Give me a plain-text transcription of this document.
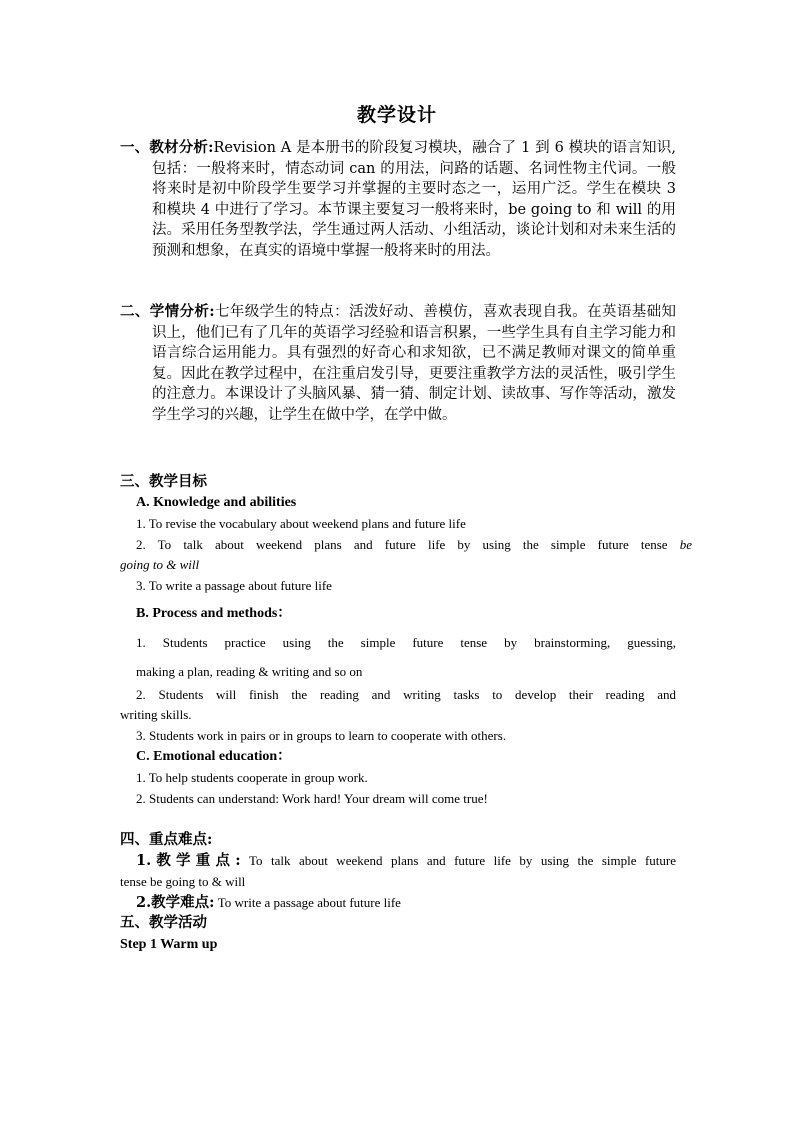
教学设计

一、教材分析:Revision A 是本册书的阶段复习模块，融合了 1 到 6 模块的语言知识,包括：一般将来时，情态动词 can 的用法，问路的话题、名词性物主代词。一般将来时是初中阶段学生要学习并掌握的主要时态之一，运用广泛。学生在模块 3 和模块 4 中进行了学习。本节课主要复习一般将来时，be going to 和 will 的用法。采用任务型教学法，学生通过两人活动、小组活动，谈论计划和对未来生活的预测和想象，在真实的语境中掌握一般将来时的用法。

二、学情分析:七年级学生的特点：活泼好动、善模仿，喜欢表现自我。在英语基础知识上，他们已有了几年的英语学习经验和语言积累，一些学生具有自主学习能力和语言综合运用能力。具有强烈的好奇心和求知欲，已不满足教师对课文的简单重复。因此在教学过程中，在注重启发引导，更要注重教学方法的灵活性，吸引学生的注意力。本课设计了头脑风暴、猜一猜、制定计划、读故事、写作等活动，激发学生学习的兴趣，让学生在做中学，在学中做。

三、教学目标
A. Knowledge and abilities
1. To revise the vocabulary about weekend plans and future life
2. To talk about weekend plans and future life by using the simple future tense be
going to & will
3. To write a passage about future life
B. Process and methods：
1. Students practice using the simple future tense by brainstorming, guessing,
making a plan, reading & writing and so on
2. Students will finish the reading and writing tasks to develop their reading and
writing skills.
3. Students work in pairs or in groups to learn to cooperate with others.
C. Emotional education：
1. To help students cooperate in group work.
2. Students can understand: Work hard! Your dream will come true!
四、重点难点:
1.教学重点: To talk about weekend plans and future life by using the simple future
tense be going to & will
2.教学难点: To write a passage about future life
五、教学活动
Step 1 Warm up
